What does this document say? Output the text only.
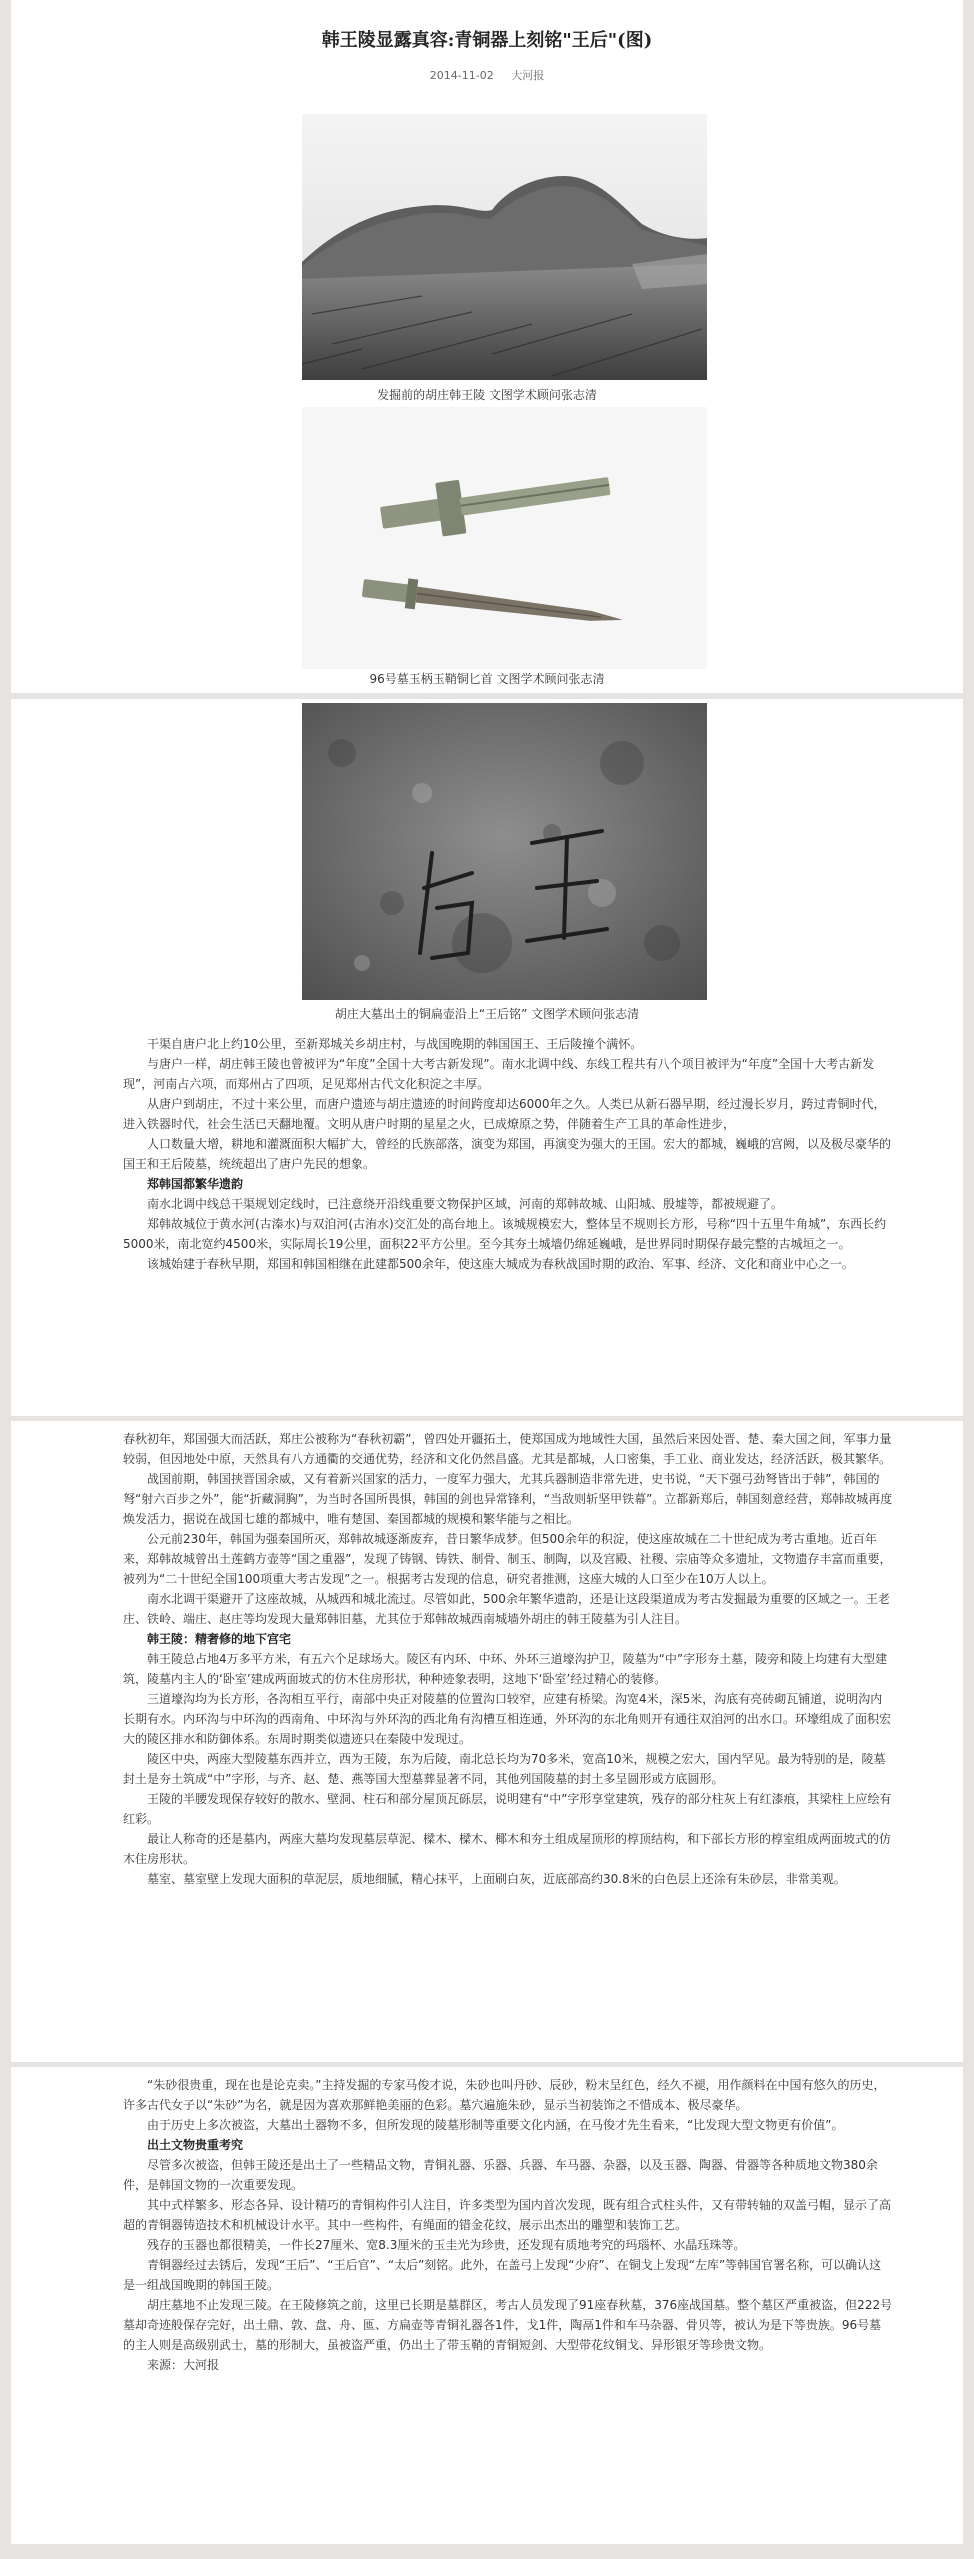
韩王陵显露真容:青铜器上刻铭"王后"(图)
2014-11-02 大河报
发掘前的胡庄韩王陵 文图学术顾问张志清
96号墓玉柄玉鞘铜匕首 文图学术顾问张志清
胡庄大墓出土的铜扁壶沿上“王后铭” 文图学术顾问张志清

干渠自唐户北上约10公里，至新郑城关乡胡庄村，与战国晚期的韩国国王、王后陵撞个满怀。

与唐户一样，胡庄韩王陵也曾被评为“年度”全国十大考古新发现”。南水北调中线、东线工程共有八个项目被评为“年度”全国十大考古新发现”，河南占六项，而郑州占了四项，足见郑州古代文化积淀之丰厚。

从唐户到胡庄，不过十来公里，而唐户遗迹与胡庄遗迹的时间跨度却达6000年之久。人类已从新石器早期，经过漫长岁月，跨过青铜时代，进入铁器时代，社会生活已天翻地覆。文明从唐户时期的星星之火，已成燎原之势，伴随着生产工具的革命性进步，

人口数量大增，耕地和灌溉面积大幅扩大，曾经的氏族部落，演变为郑国，再演变为强大的王国。宏大的都城，巍峨的宫阙，以及极尽豪华的国王和王后陵墓，统统超出了唐户先民的想象。

郑韩国都繁华遗韵

南水北调中线总干渠规划定线时，已注意绕开沿线重要文物保护区域，河南的郑韩故城、山阳城、殷墟等，都被规避了。

郑韩故城位于黄水河(古溱水)与双洎河(古洧水)交汇处的高台地上。该城规模宏大，整体呈不规则长方形，号称“四十五里牛角城”，东西长约5000米，南北宽约4500米，实际周长19公里，面积22平方公里。至今其夯土城墙仍绵延巍峨，是世界同时期保存最完整的古城垣之一。

该城始建于春秋早期，郑国和韩国相继在此建都500余年，使这座大城成为春秋战国时期的政治、军事、经济、文化和商业中心之一。

春秋初年，郑国强大而活跃，郑庄公被称为“春秋初霸”，曾四处开疆拓土，使郑国成为地域性大国，虽然后来因处晋、楚、秦大国之间，军事力量较弱，但因地处中原，天然具有八方通衢的交通优势，经济和文化仍然昌盛。尤其是都城，人口密集，手工业、商业发达，经济活跃，极其繁华。

战国前期，韩国挟晋国余威，又有着新兴国家的活力，一度军力强大，尤其兵器制造非常先进，史书说，“天下强弓劲弩皆出于韩”，韩国的弩“射六百步之外”，能“折藏洞胸”，为当时各国所畏惧，韩国的剑也异常锋利，“当敌则斩坚甲铁幕”。立都新郑后，韩国刻意经营，郑韩故城再度焕发活力，据说在战国七雄的都城中，唯有楚国、秦国都城的规模和繁华能与之相比。

公元前230年，韩国为强秦国所灭，郑韩故城逐渐废弃，昔日繁华成梦。但500余年的积淀，使这座故城在二十世纪成为考古重地。近百年来，郑韩故城曾出土莲鹤方壶等“国之重器”，发现了铸钢、铸铁、制骨、制玉、制陶，以及宫殿、社稷、宗庙等众多遗址，文物遗存丰富而重要，被列为“二十世纪全国100项重大考古发现”之一。根据考古发现的信息，研究者推测，这座大城的人口至少在10万人以上。

南水北调干渠避开了这座故城，从城西和城北流过。尽管如此，500余年繁华遗韵，还是让这段渠道成为考古发掘最为重要的区域之一。王老庄、铁岭、端庄、赵庄等均发现大量郑韩旧墓，尤其位于郑韩故城西南城墙外胡庄的韩王陵墓为引人注目。

韩王陵：精奢修的地下宫宅

韩王陵总占地4万多平方米，有五六个足球场大。陵区有内环、中环、外环三道壕沟护卫，陵墓为“中”字形夯土墓，陵旁和陵上均建有大型建筑，陵墓内主人的‘卧室’建成两面坡式的仿木住房形状，种种迹象表明，这地下‘卧室’经过精心的装修。

三道壕沟均为长方形，各沟相互平行，南部中央正对陵墓的位置沟口较窄，应建有桥梁。沟宽4米，深5米，沟底有亮砖砌瓦铺道，说明沟内长期有水。内环沟与中环沟的西南角、中环沟与外环沟的西北角有沟槽互相连通，外环沟的东北角则开有通往双洎河的出水口。环壕组成了面积宏大的陵区排水和防御体系。东周时期类似遗迹只在秦陵中发现过。

陵区中央，两座大型陵墓东西并立，西为王陵，东为后陵，南北总长均为70多米，宽高10米，规模之宏大，国内罕见。最为特别的是，陵墓封土是夯土筑成“中”字形，与齐、赵、楚、燕等国大型墓葬显著不同，其他列国陵墓的封土多呈圆形或方底圆形。

王陵的半腰发现保存较好的散水、壁洞、柱石和部分屋顶瓦砾层，说明建有“中”字形享堂建筑，残存的部分柱灰上有红漆痕，其梁柱上应绘有红彩。

最让人称奇的还是墓内，两座大墓均发现墓层草泥、樑木、樑木、椰木和夯土组成屋顶形的椁顶结构，和下部长方形的椁室组成两面坡式的仿木住房形状。

墓室、墓室壁上发现大面积的草泥层，质地细腻，精心抹平，上面刷白灰，近底部高约30.8米的白色层上还涂有朱砂层，非常美观。

“朱砂很贵重，现在也是论克卖。”主持发掘的专家马俊才说，朱砂也叫丹砂、辰砂，粉末呈红色，经久不褪，用作颜料在中国有悠久的历史，许多古代女子以“朱砂”为名，就是因为喜欢那鲜艳美丽的色彩。墓穴遍施朱砂，显示当初装饰之不惜成本、极尽豪华。

由于历史上多次被盗，大墓出土器物不多，但所发现的陵墓形制等重要文化内涵，在马俊才先生看来，“比发现大型文物更有价值”。

出土文物贵重考究

尽管多次被盗，但韩王陵还是出土了一些精品文物，青铜礼器、乐器、兵器、车马器、杂器，以及玉器、陶器、骨器等各种质地文物380余件，是韩国文物的一次重要发现。

其中式样繁多、形态各异、设计精巧的青铜构件引人注目，许多类型为国内首次发现，既有组合式柱头件，又有带转轴的双盖弓帽，显示了高超的青铜器铸造技术和机械设计水平。其中一些构件，有绳面的错金花纹，展示出杰出的雕塑和装饰工艺。

残存的玉器也都很精美，一件长27厘米、宽8.3厘米的玉圭光为珍贵，还发现有质地考究的玛瑙杯、水晶珏珠等。

青铜器经过去锈后，发现“王后”、“王后官”、“太后”刻铭。此外，在盖弓上发现“少府”、在铜戈上发现“左库”等韩国官署名称，可以确认这是一组战国晚期的韩国王陵。

胡庄墓地不止发现三陵。在王陵修筑之前，这里已长期是墓群区，考古人员发现了91座春秋墓，376座战国墓。整个墓区严重被盗，但222号墓却奇迹般保存完好，出土鼎、敦、盘、舟、匜、方扁壶等青铜礼器各1件，戈1件，陶鬲1件和车马杂器、骨贝等，被认为是下等贵族。96号墓的主人则是高级别武士，墓的形制大，虽被盗严重，仍出土了带玉鞘的青铜短剑、大型带花纹铜戈、异形银牙等珍贵文物。

来源：大河报
